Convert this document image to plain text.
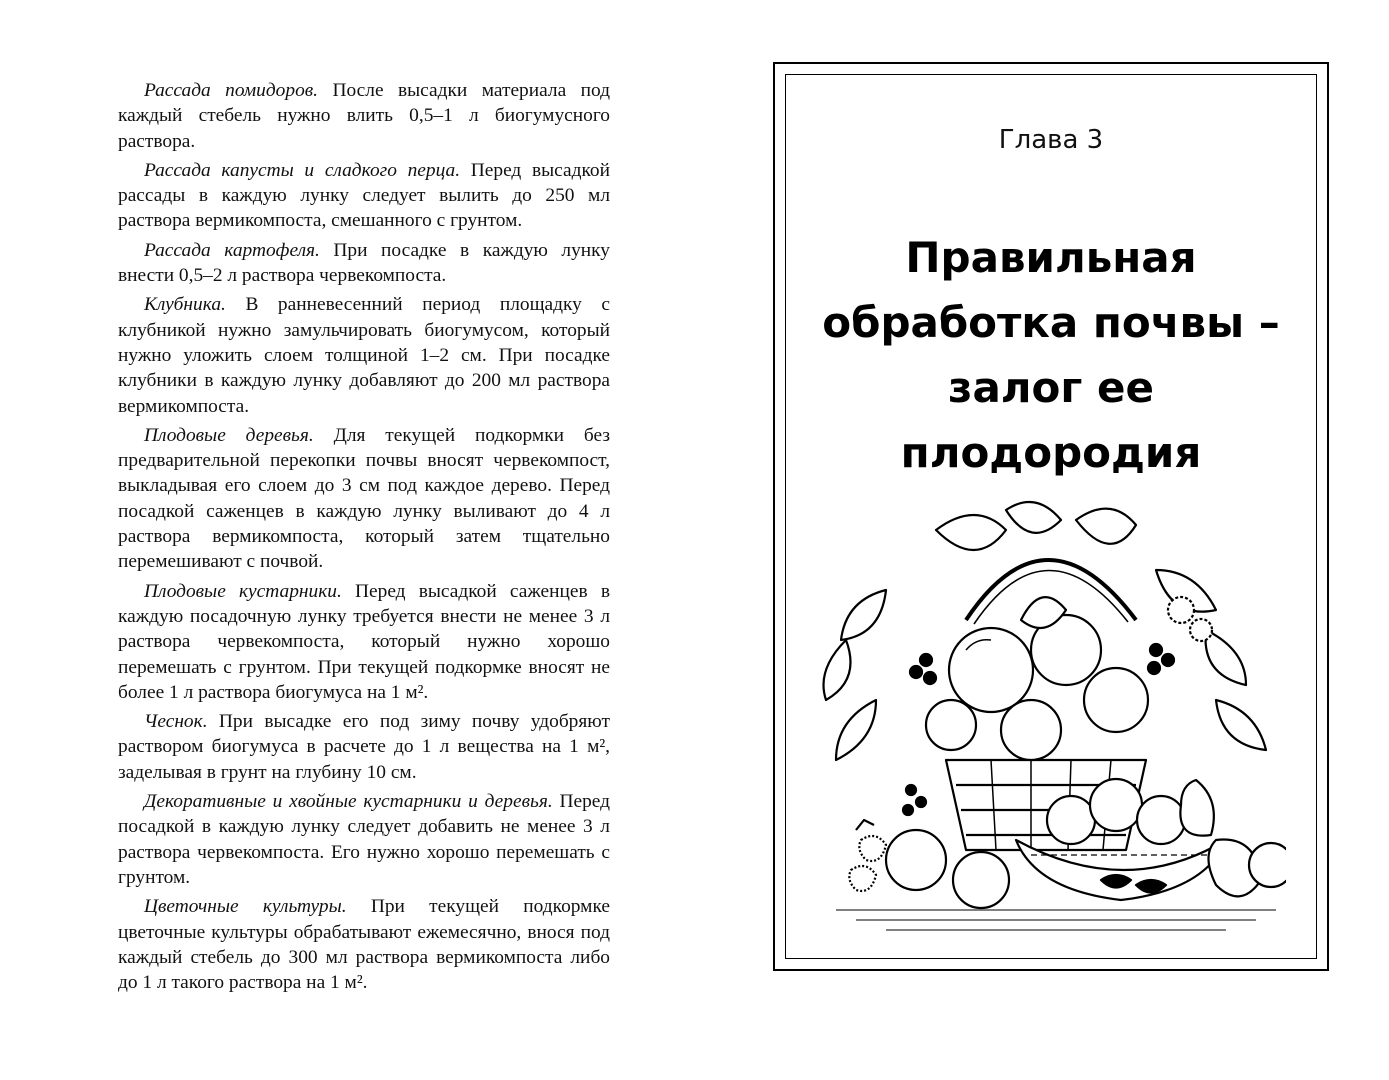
Рассада помидоров. После высадки материала под каждый стебель нужно влить 0,5–1 л биогумусного раствора.

Рассада капусты и сладкого перца. Перед высадкой рассады в каждую лунку следует вылить до 250 мл раствора вермикомпоста, смешанного с грунтом.

Рассада картофеля. При посадке в каждую лунку внести 0,5–2 л раствора червекомпоста.

Клубника. В ранневесенний период площадку с клубникой нужно замульчировать биогумусом, который нужно уложить слоем толщиной 1–2 см. При посадке клубники в каждую лунку добавляют до 200 мл раствора вермикомпоста.

Плодовые деревья. Для текущей подкормки без предварительной перекопки почвы вносят червекомпост, выкладывая его слоем до 3 см под каждое дерево. Перед посадкой саженцев в каждую лунку выливают до 4 л раствора вермикомпоста, который затем тщательно перемешивают с почвой.

Плодовые кустарники. Перед высадкой саженцев в каждую посадочную лунку требуется внести не менее 3 л раствора червекомпоста, который нужно хорошо перемешать с грунтом. При текущей подкормке вносят не более 1 л раствора биогумуса на 1 м².

Чеснок. При высадке его под зиму почву удобряют раствором биогумуса в расчете до 1 л вещества на 1 м², заделывая в грунт на глубину 10 см.

Декоративные и хвойные кустарники и деревья. Перед посадкой в каждую лунку следует добавить не менее 3 л раствора червекомпоста. Его нужно хорошо перемешать с грунтом.

Цветочные культуры. При текущей подкормке цветочные культуры обрабатывают ежемесячно, внося под каждый стебель до 300 мл раствора вермикомпоста либо до 1 л такого раствора на 1 м².

Глава 3
Правильная
обработка почвы –
залог ее
плодородия
